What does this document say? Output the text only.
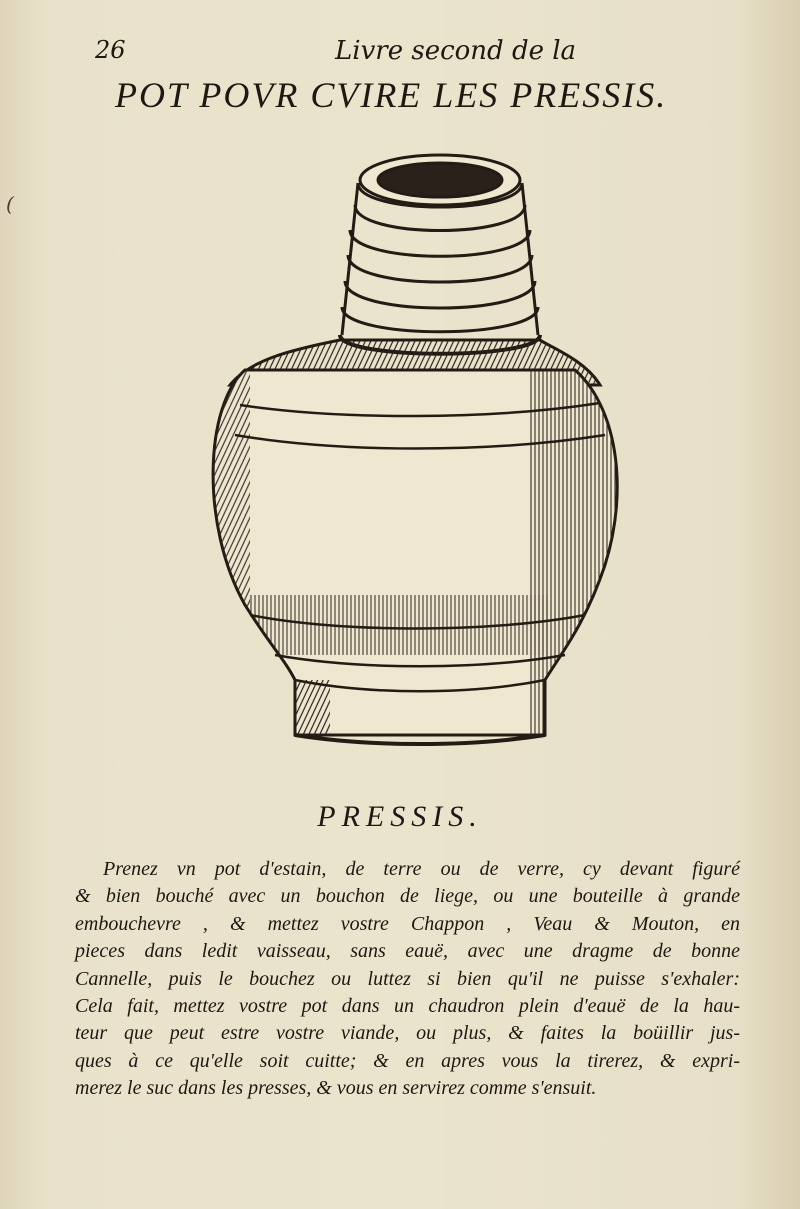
26	Livre second de la
POT POVR CVIRE LES PRESSIS.
(
PRESSIS.
Prenez vn pot d'estain, de terre ou de verre, cy devant figuré
& bien bouché avec un bouchon de liege, ou une bouteille à grande
embouchevre , & mettez vostre Chappon , Veau & Mouton, en
pieces dans ledit vaisseau, sans eauë, avec une dragme de bonne
Cannelle, puis le bouchez ou luttez si bien qu'il ne puisse s'exhaler:
Cela fait, mettez vostre pot dans un chaudron plein d'eauë de la hau-
teur que peut estre vostre viande, ou plus, & faites la boüillir jus-
ques à ce qu'elle soit cuitte; & en apres vous la tirerez, & expri-
merez le suc dans les presses, & vous en servirez comme s'ensuit.
